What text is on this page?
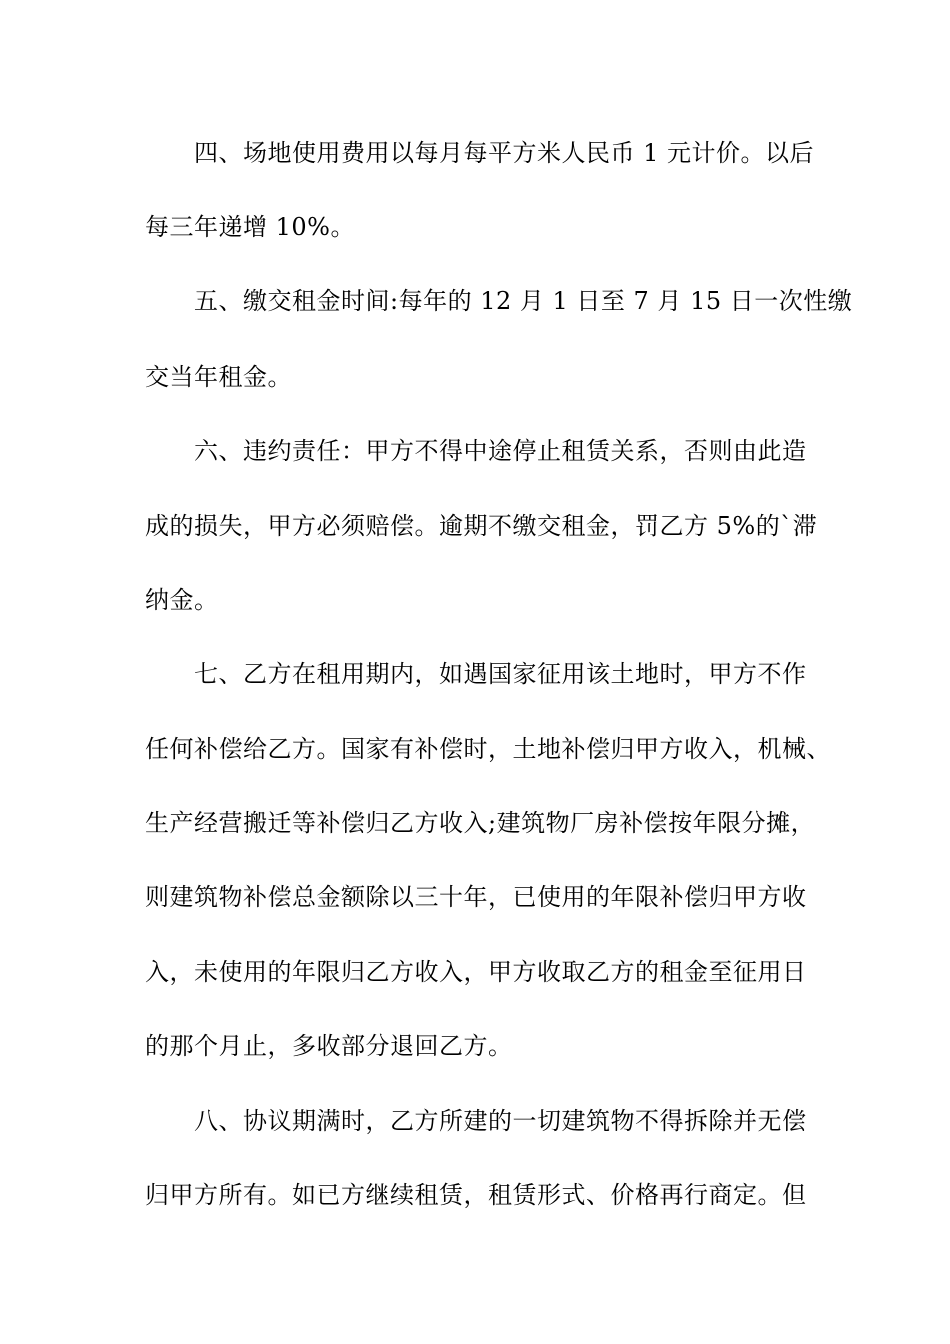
四、场地使用费用以每月每平方米人民币 1 元计价。以后
每三年递增 10%。
五、缴交租金时间:每年的 12 月 1 日至 7 月 15 日一次性缴
交当年租金。
六、违约责任：甲方不得中途停止租赁关系，否则由此造
成的损失，甲方必须赔偿。逾期不缴交租金，罚乙方 5%的`滞
纳金。
七、乙方在租用期内，如遇国家征用该土地时，甲方不作
任何补偿给乙方。国家有补偿时，土地补偿归甲方收入，机械、
生产经营搬迁等补偿归乙方收入;建筑物厂房补偿按年限分摊，
则建筑物补偿总金额除以三十年，已使用的年限补偿归甲方收
入，未使用的年限归乙方收入，甲方收取乙方的租金至征用日
的那个月止，多收部分退回乙方。
八、协议期满时，乙方所建的一切建筑物不得拆除并无偿
归甲方所有。如已方继续租赁，租赁形式、价格再行商定。但
